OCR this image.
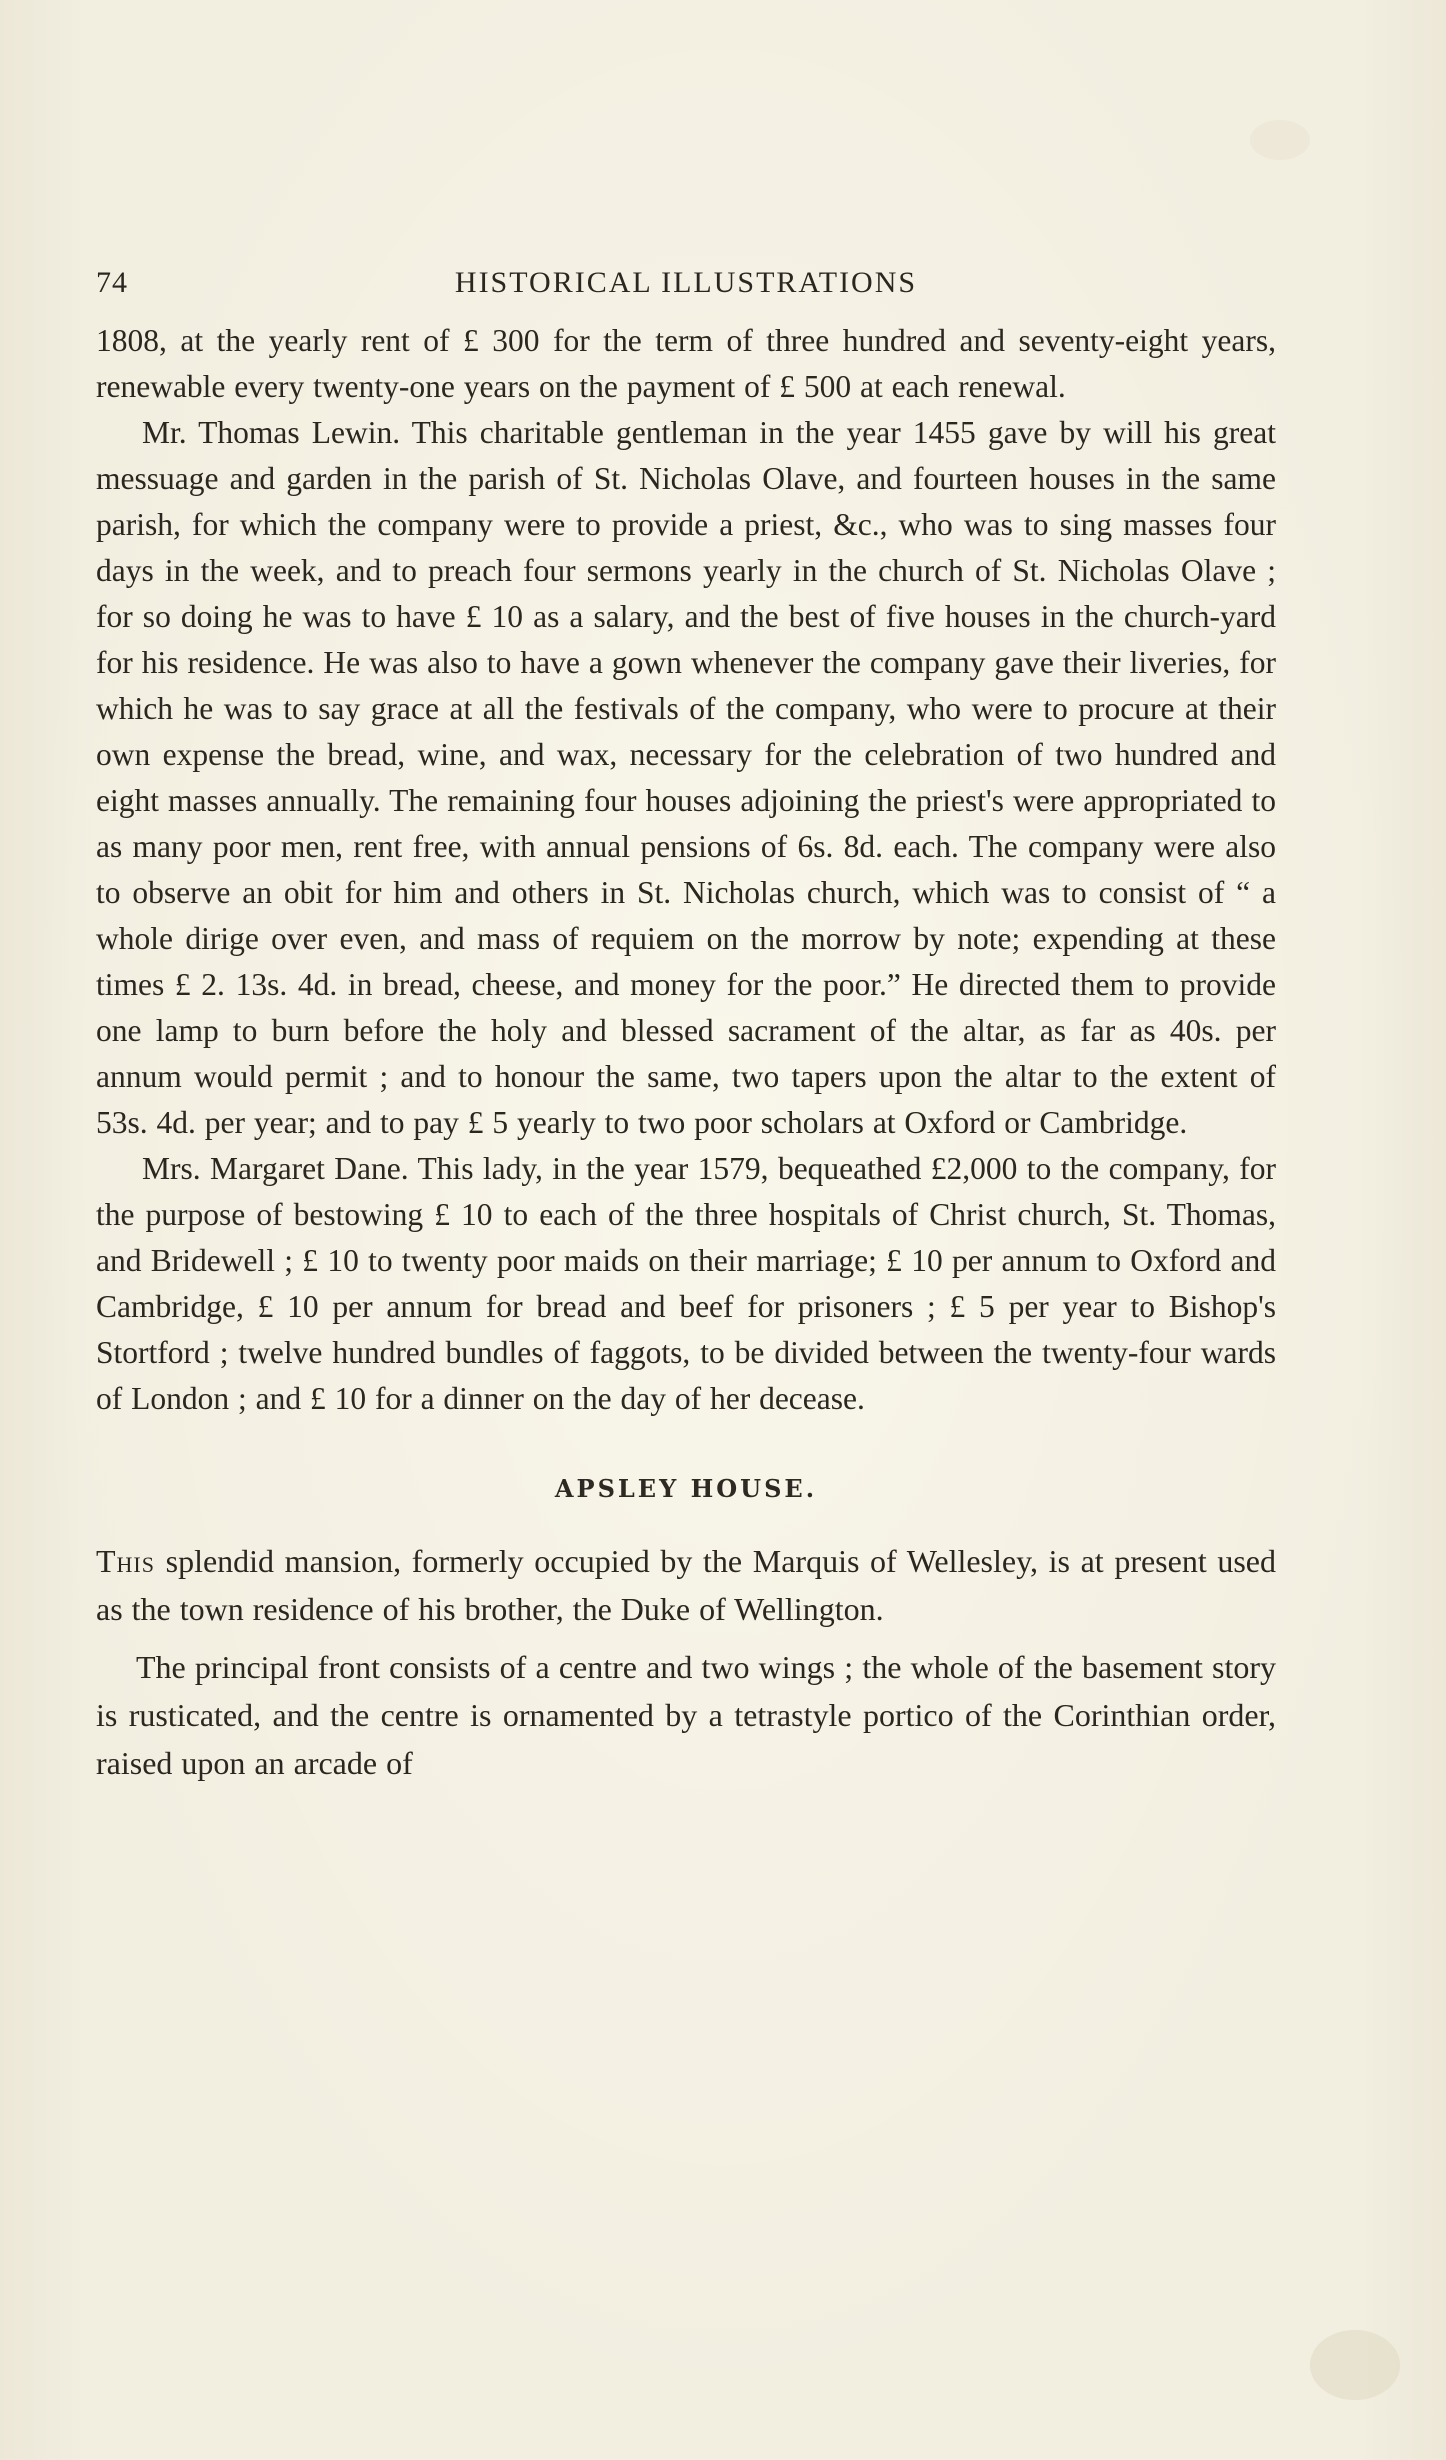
74	HISTORICAL ILLUSTRATIONS

1808, at the yearly rent of £ 300 for the term of three hundred and seventy-eight years, renewable every twenty-one years on the payment of £ 500 at each renewal.

Mr. Thomas Lewin. This charitable gentleman in the year 1455 gave by will his great messuage and garden in the parish of St. Nicholas Olave, and fourteen houses in the same parish, for which the company were to provide a priest, &c., who was to sing masses four days in the week, and to preach four sermons yearly in the church of St. Nicholas Olave ; for so doing he was to have £ 10 as a salary, and the best of five houses in the church-yard for his residence. He was also to have a gown whenever the company gave their liveries, for which he was to say grace at all the festivals of the company, who were to procure at their own expense the bread, wine, and wax, necessary for the celebration of two hundred and eight masses annually. The remaining four houses adjoining the priest's were appropriated to as many poor men, rent free, with annual pensions of 6s. 8d. each. The company were also to observe an obit for him and others in St. Nicholas church, which was to consist of “ a whole dirige over even, and mass of requiem on the morrow by note; expending at these times £ 2. 13s. 4d. in bread, cheese, and money for the poor.” He directed them to provide one lamp to burn before the holy and blessed sacrament of the altar, as far as 40s. per annum would permit ; and to honour the same, two tapers upon the altar to the extent of 53s. 4d. per year; and to pay £ 5 yearly to two poor scholars at Oxford or Cambridge.

Mrs. Margaret Dane. This lady, in the year 1579, bequeathed £2,000 to the company, for the purpose of bestowing £ 10 to each of the three hospitals of Christ church, St. Thomas, and Bridewell ; £ 10 to twenty poor maids on their marriage; £ 10 per annum to Oxford and Cambridge, £ 10 per annum for bread and beef for prisoners ; £ 5 per year to Bishop's Stortford ; twelve hundred bundles of faggots, to be divided between the twenty-four wards of London ; and £ 10 for a dinner on the day of her decease.

APSLEY HOUSE.

This splendid mansion, formerly occupied by the Marquis of Wellesley, is at present used as the town residence of his brother, the Duke of Wellington.

The principal front consists of a centre and two wings ; the whole of the basement story is rusticated, and the centre is ornamented by a tetrastyle portico of the Corinthian order, raised upon an arcade of
